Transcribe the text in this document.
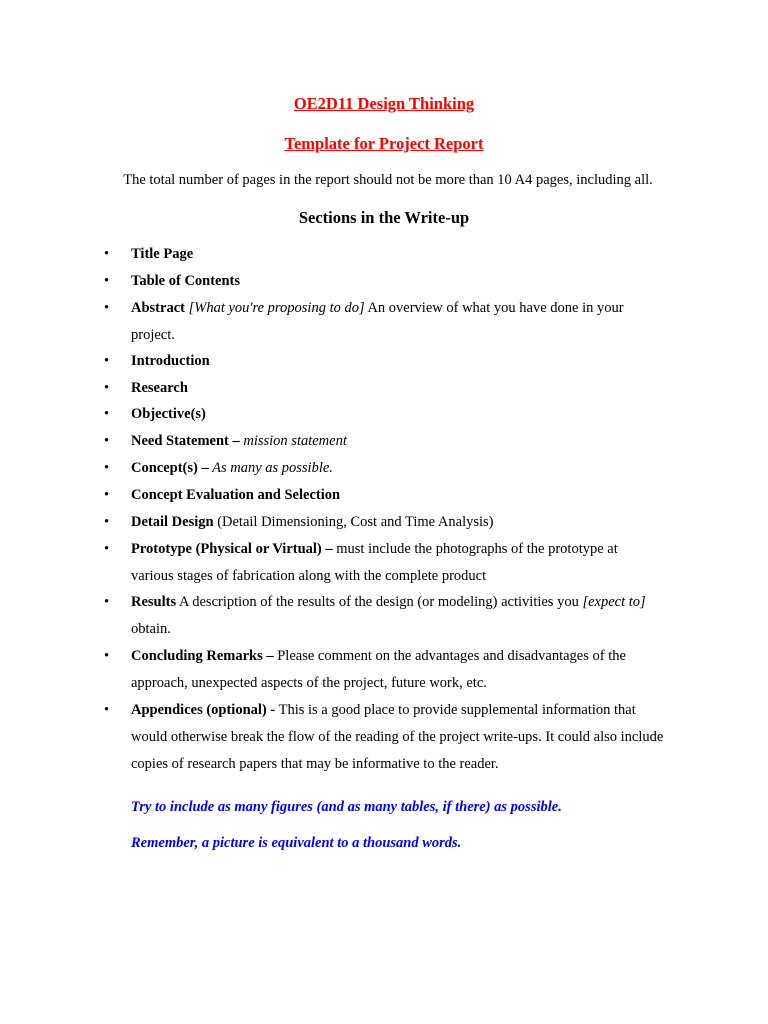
OE2D11 Design Thinking
Template for Project Report

The total number of pages in the report should not be more than 10 A4 pages, including all.

Sections in the Write-up
•	Title Page
•	Table of Contents
•	Abstract [What you're proposing to do] An overview of what you have done in your project.
•	Introduction
•	Research
•	Objective(s)
•	Need Statement – mission statement
•	Concept(s) – As many as possible.
•	Concept Evaluation and Selection
•	Detail Design (Detail Dimensioning, Cost and Time Analysis)
•	Prototype (Physical or Virtual) – must include the photographs of the prototype at various stages of fabrication along with the complete product
•	Results A description of the results of the design (or modeling) activities you [expect to] obtain.
•	Concluding Remarks – Please comment on the advantages and disadvantages of the approach, unexpected aspects of the project, future work, etc.
•	Appendices (optional) - This is a good place to provide supplemental information that would otherwise break the flow of the reading of the project write-ups. It could also include copies of research papers that may be informative to the reader.

Try to include as many figures (and as many tables, if there) as possible.

Remember, a picture is equivalent to a thousand words.
